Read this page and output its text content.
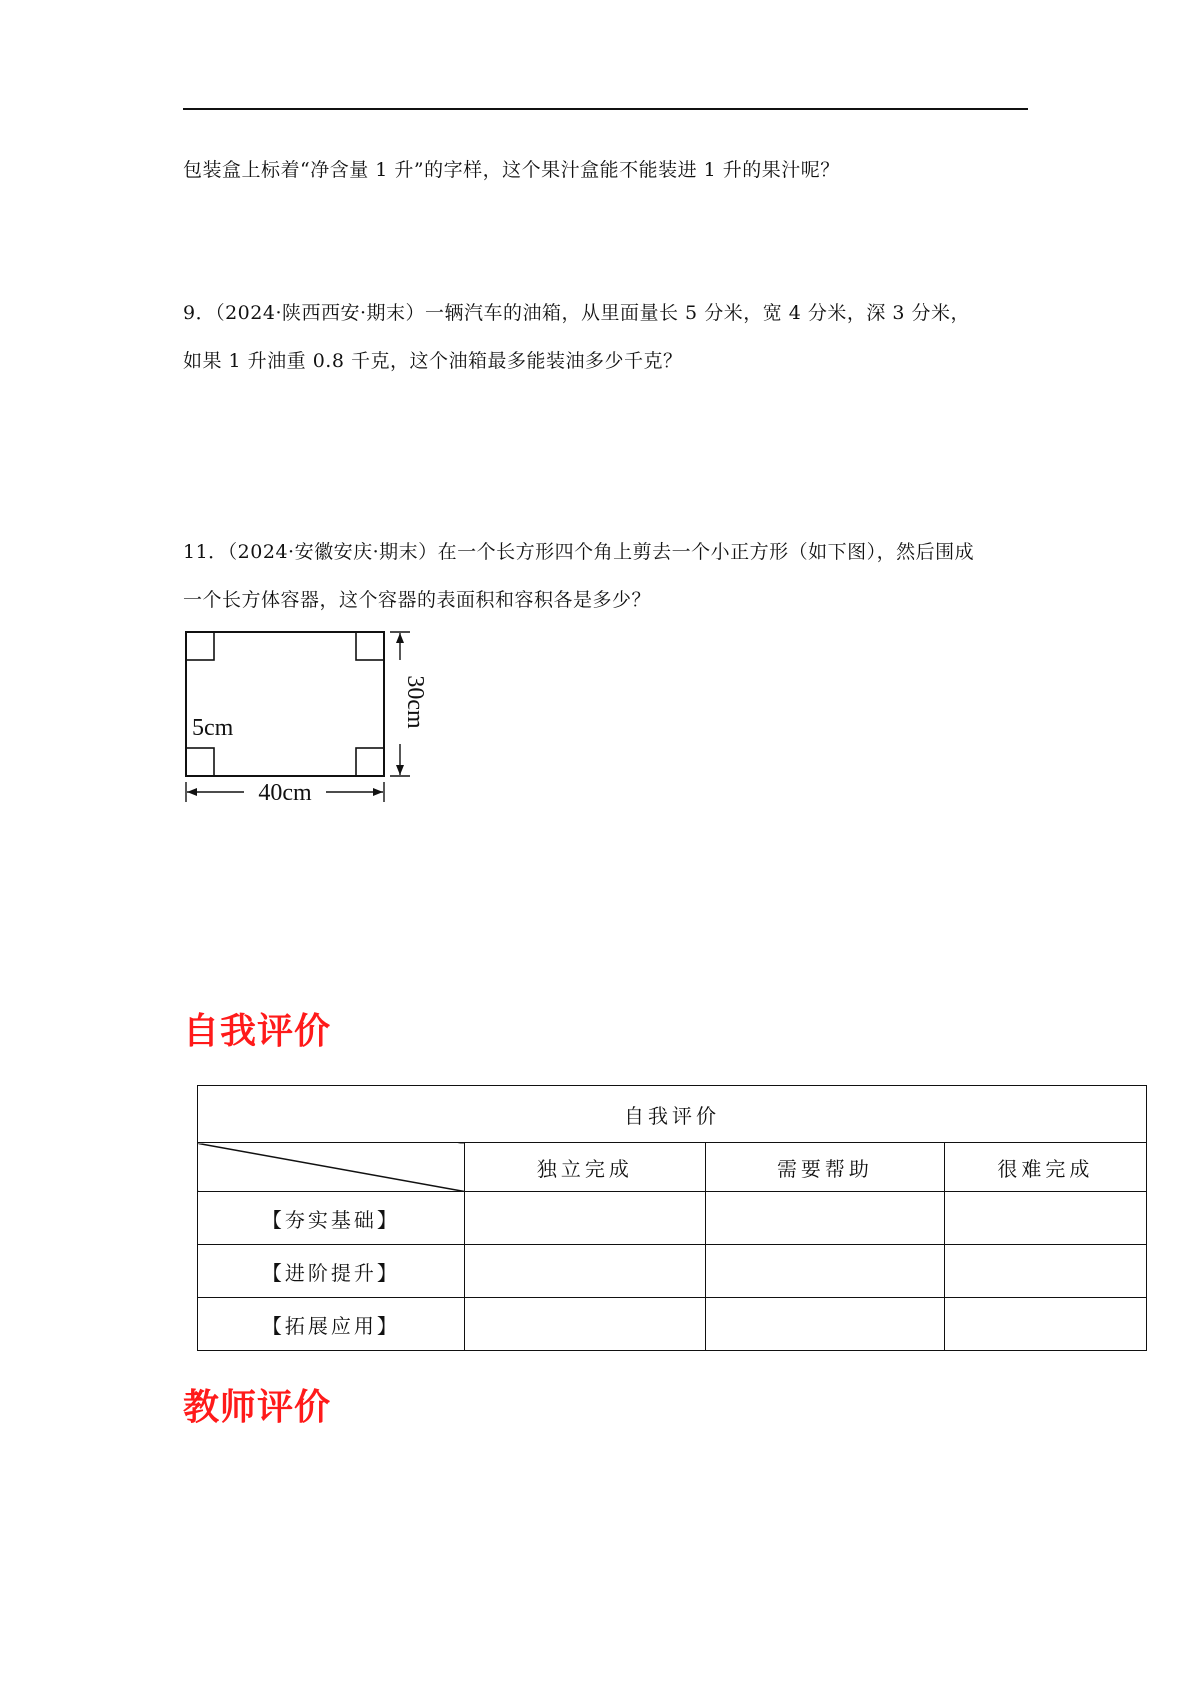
包装盒上标着“净含量 1 升”的字样，这个果汁盒能不能装进 1 升的果汁呢？
9．（2024·陕西西安·期末）一辆汽车的油箱，从里面量长 5 分米，宽 4 分米，深 3 分米，
如果 1 升油重 0.8 千克，这个油箱最多能装油多少千克？
11．（2024·安徽安庆·期末）在一个长方形四个角上剪去一个小正方形（如下图），然后围成
一个长方体容器，这个容器的表面积和容积各是多少？
5cm
40cm
30cm
自我评价
自我评价			
	独立完成	需要帮助	很难完成
【夯实基础】			
【进阶提升】			
【拓展应用】			
教师评价
